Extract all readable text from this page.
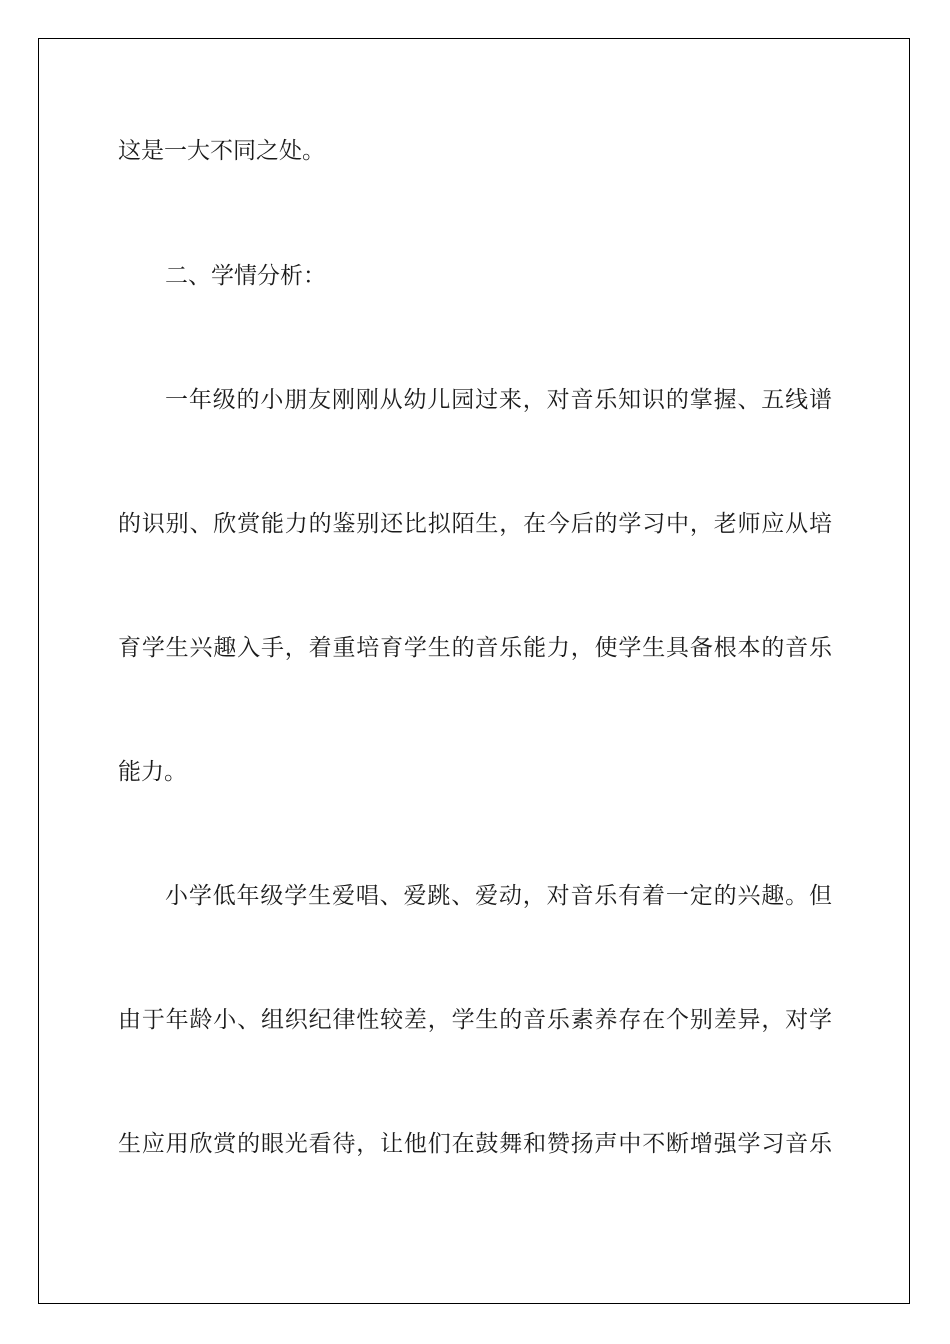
这是一大不同之处。
二、学情分析：
一年级的小朋友刚刚从幼儿园过来，对音乐知识的掌握、五线谱
的识别、欣赏能力的鉴别还比拟陌生，在今后的学习中，老师应从培
育学生兴趣入手，着重培育学生的音乐能力，使学生具备根本的音乐
能力。
小学低年级学生爱唱、爱跳、爱动，对音乐有着一定的兴趣。但
由于年龄小、组织纪律性较差，学生的音乐素养存在个别差异，对学
生应用欣赏的眼光看待，让他们在鼓舞和赞扬声中不断增强学习音乐
